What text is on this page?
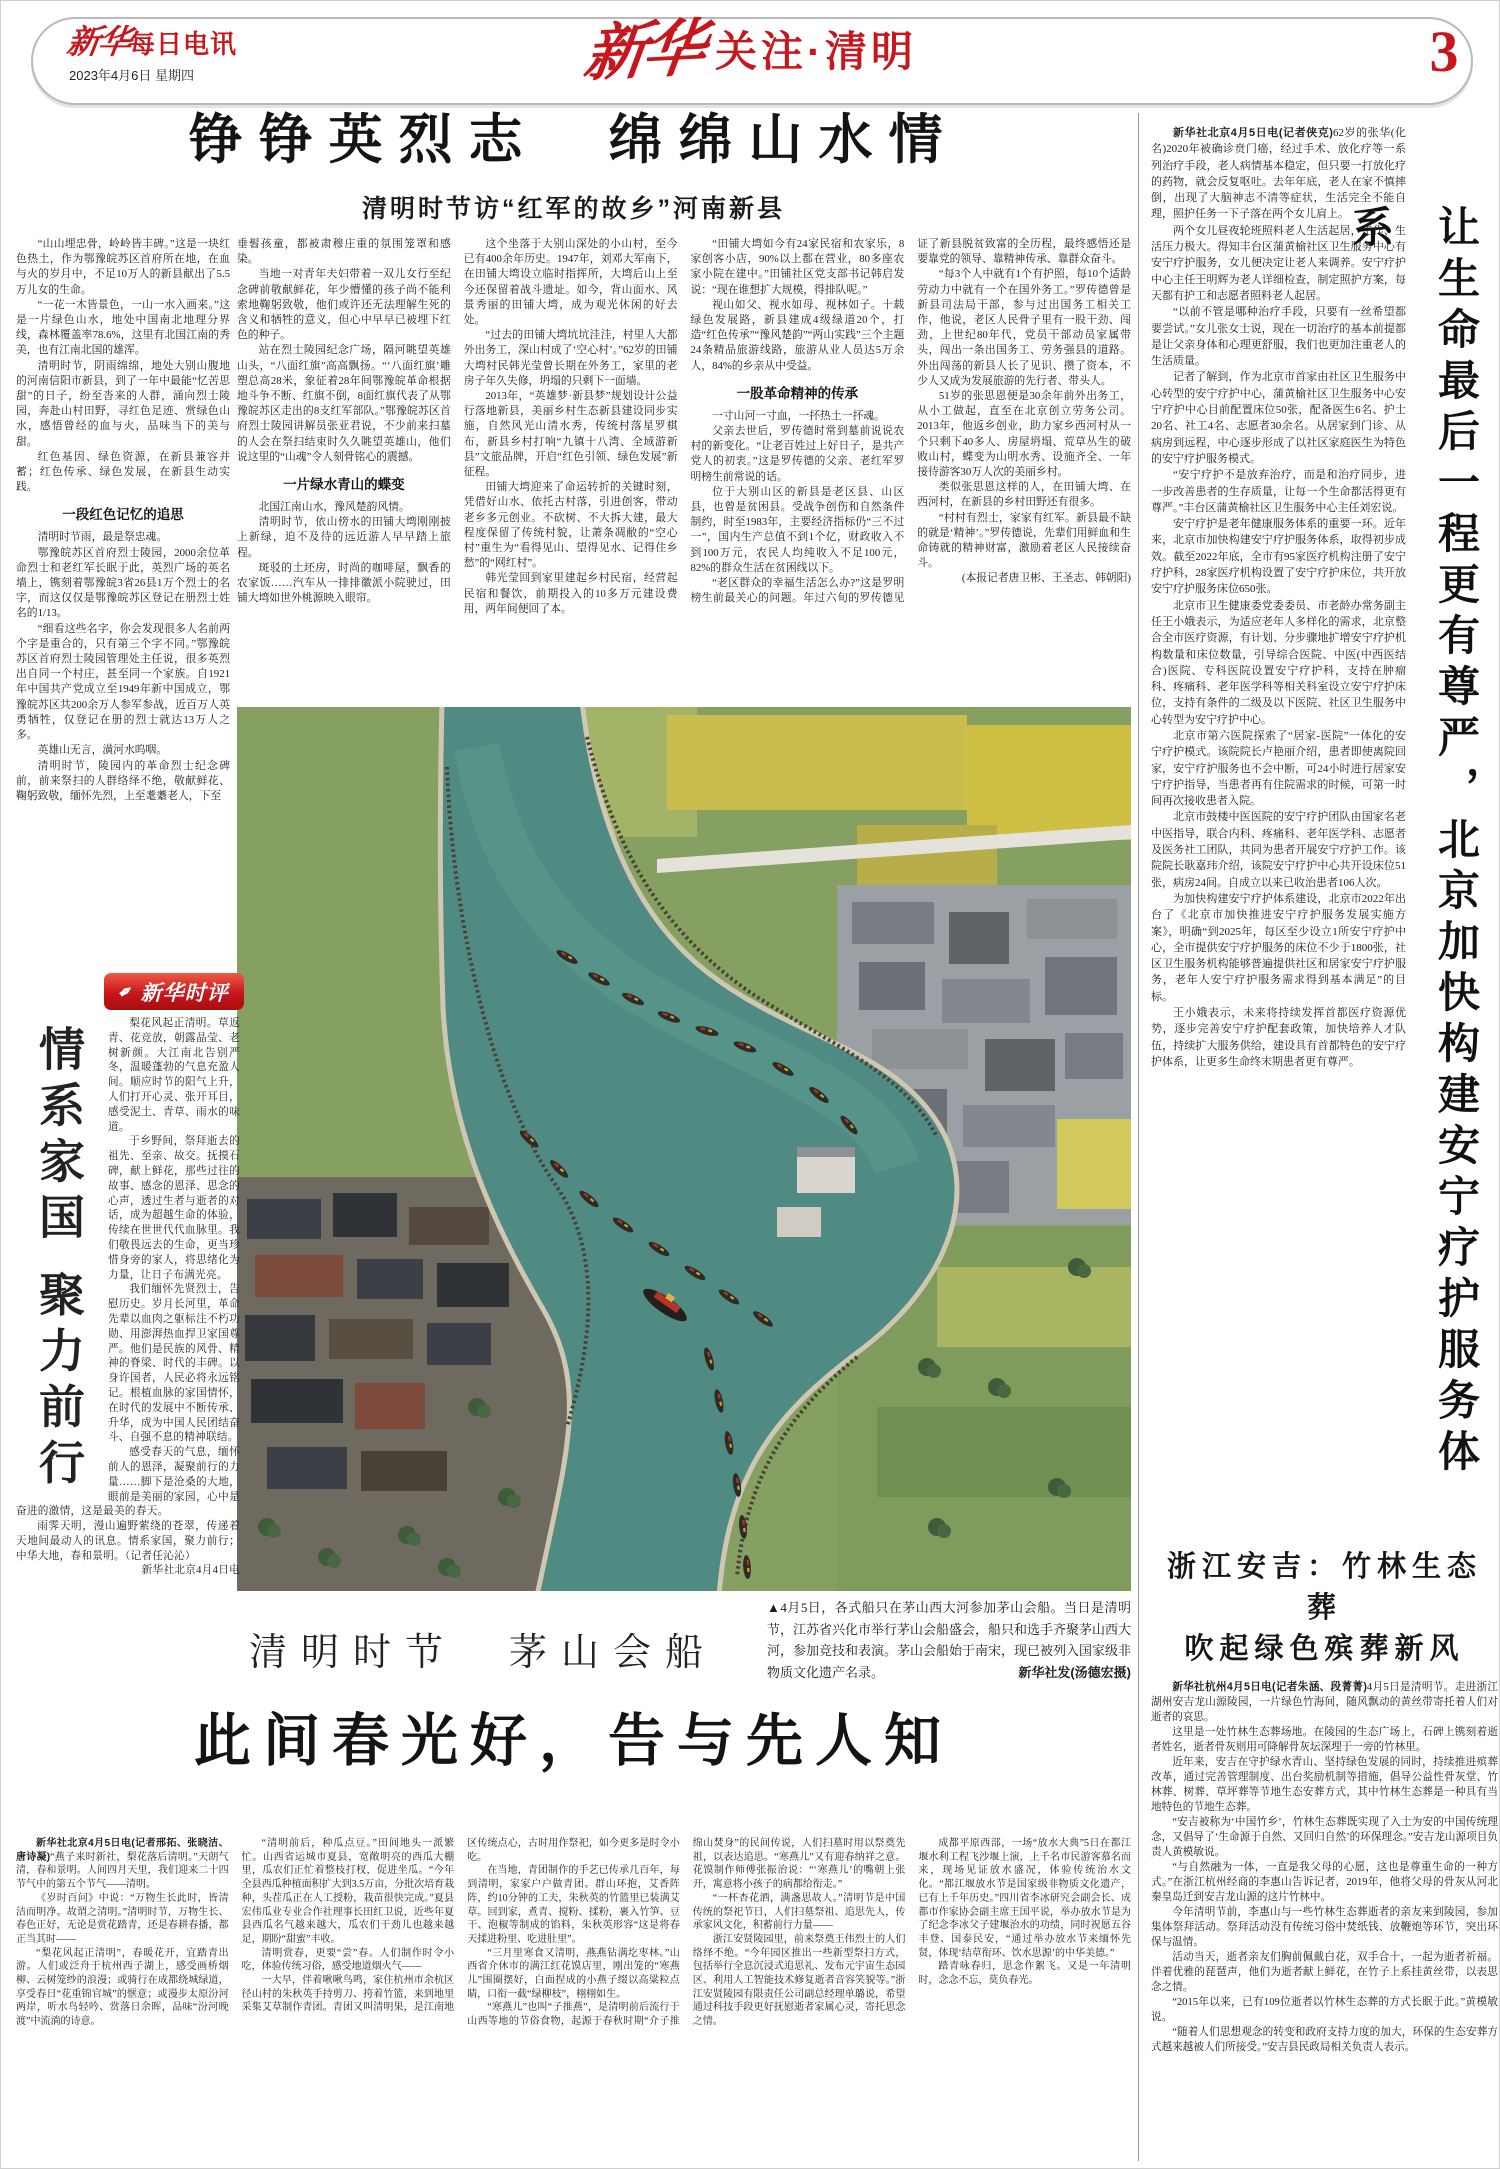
新华每日电讯
2023年4月6日 星期四	新华 关注·清明	3
铮铮英烈志　绵绵山水情
清明时节访“红军的故乡”河南新县

“山山埋忠骨，岭岭皆丰碑。”这是一块红色热土，作为鄂豫皖苏区首府所在地，在血与火的岁月中，不足10万人的新县献出了5.5万儿女的生命。

“一花一木皆景色，一山一水入画来。”这是一片绿色山水，地处中国南北地理分界线，森林覆盖率78.6%，这里有北国江南的秀美，也有江南北国的雄浑。

清明时节，阴雨绵绵，地处大别山腹地的河南信阳市新县，到了一年中最能“忆苦思甜”的日子，纷至沓来的人群，涌向烈士陵园，奔赴山村田野，寻红色足迹、赏绿色山水，感悟曾经的血与火，品味当下的美与甜。

红色基因、绿色资源，在新县兼容并蓄；红色传承、绿色发展，在新县生动实践。

一段红色记忆的追思

清明时节雨，最是祭忠魂。

鄂豫皖苏区首府烈士陵园，2000余位革命烈士和老红军长眠于此，英烈广场的英名墙上，镌刻着鄂豫皖3省26县1万个烈士的名字，而这仅仅是鄂豫皖苏区登记在册烈士姓名的1/13。

“细看这些名字，你会发现很多人名前两个字是重合的，只有第三个字不同。”鄂豫皖苏区首府烈士陵园管理处主任说，很多英烈出自同一个村庄，甚至同一个家族。自1921年中国共产党成立至1949年新中国成立，鄂豫皖苏区共200余万人参军参战，近百万人英勇牺牲，仅登记在册的烈士就达13万人之多。

英雄山无言，潢河水呜咽。

清明时节，陵园内的革命烈士纪念碑前，前来祭扫的人群络绎不绝，敬献鲜花、鞠躬致敬，缅怀先烈，上至耄耋老人，下至

垂髫孩童，都被肃穆庄重的氛围笼罩和感染。

当地一对青年夫妇带着一双儿女行至纪念碑前敬献鲜花，年少懵懂的孩子尚不能利索地鞠躬致敬，他们或许还无法理解生死的含义和牺牲的意义，但心中早早已被埋下红色的种子。

站在烈士陵园纪念广场，隔河眺望英雄山头，“八面红旗”高高飘扬。“‘八面红旗’雕塑总高28米，象征着28年间鄂豫皖革命根据地斗争不断、红旗不倒，8面红旗代表了从鄂豫皖苏区走出的8支红军部队。”鄂豫皖苏区首府烈士陵园讲解员张亚君说，不少前来扫墓的人会在祭扫结束时久久眺望英雄山，他们说这里的“山魂”令人刻骨铭心的震撼。

一片绿水青山的蝶变

北国江南山水，豫风楚韵风情。

清明时节，依山傍水的田铺大塆刚刚披上新绿，迫不及待的远近游人早早踏上旅程。

斑驳的土坯房，时尚的咖啡屋，飘香的农家饭……汽车从一排排徽派小院驶过，田铺大塆如世外桃源映入眼帘。

这个坐落于大别山深处的小山村，至今已有400余年历史。1947年，刘邓大军南下，在田铺大塆设立临时指挥所，大塆后山上至今还保留着战斗遗址。如今，背山面水、风景秀丽的田铺大塆，成为观光休闲的好去处。

“过去的田铺大塆坑坑洼洼，村里人大都外出务工，深山村成了‘空心村’。”62岁的田铺大塆村民韩光莹曾长期在外务工，家里的老房子年久失修，坍塌的只剩下一面墙。

2013年，“英雄梦·新县梦”规划设计公益行落地新县，美丽乡村生态新县建设同步实施，自然风光山清水秀，传统村落星罗棋布，新县乡村打响“九镇十八湾、全域游新县”文旅品牌，开启“红色引领、绿色发展”新征程。

田铺大塆迎来了命运转折的关键时刻，凭借好山水、依托古村落，引进创客，带动老乡多元创业。不砍树、不大拆大建，最大程度保留了传统村貌，让萧条凋敝的“空心村”重生为“看得见山、望得见水、记得住乡愁”的“网红村”。

韩光莹回到家里建起乡村民宿，经营起民宿和餐饮，前期投入的10多万元建设费用，两年间便回了本。

“田铺大塆如今有24家民宿和农家乐，8家创客小店，90%以上都在营业，80多座农家小院在建中。”田铺社区党支部书记韩启发说：“现在谁想扩大规模，得排队呢。”

视山如父、视水如母、视林如子。十载绿色发展路，新县建成4级绿道20个，打造“红色传承”“豫风楚韵”“两山实践”三个主题24条精品旅游线路，旅游从业人员达5万余人，84%的乡亲从中受益。

一股革命精神的传承

一寸山河一寸血，一抔热土一抔魂。

父亲去世后，罗传德时常到墓前说说农村的新变化。“让老百姓过上好日子，是共产党人的初衷。”这是罗传德的父亲、老红军罗明榜生前常说的话。

位于大别山区的新县是老区县、山区县，也曾是贫困县。受战争创伤和自然条件制约，时至1983年，主要经济指标仍“三不过一”，国内生产总值不到1个亿，财政收入不到100万元，农民人均纯收入不足100元，82%的群众生活在贫困线以下。

“老区群众的幸福生活怎么办?”这是罗明榜生前最关心的问题。年过六旬的罗传德见证了新县脱贫致富的全历程，最终感悟还是要靠党的领导、靠精神传承、靠群众奋斗。

“每3个人中就有1个有护照，每10个适龄劳动力中就有一个在国外务工。”罗传德曾是新县司法局干部，参与过出国务工相关工作，他说，老区人民骨子里有一股干劲、闯劲，上世纪80年代，党员干部动员家属带头，闯出一条出国务工、劳务强县的道路。外出闯荡的新县人长了见识、攒了资本，不少人又成为发展旅游的先行者、带头人。

51岁的张思恩便是30余年前外出务工，从小工做起，直至在北京创立劳务公司。2013年，他返乡创业，助力家乡西河村从一个只剩下40多人、房屋坍塌、荒草丛生的破败山村，蝶变为山明水秀、设施齐全、一年接待游客30万人次的美丽乡村。

类似张思恩这样的人，在田铺大塆、在西河村，在新县的乡村田野还有很多。

“村村有烈士，家家有红军。新县最不缺的就是‘精神’。”罗传德说，先辈们用鲜血和生命铸就的精神财富，激励着老区人民接续奋斗。

(本报记者唐卫彬、王圣志、韩朝阳)

清明时节　茅山会船
▲4月5日，各式船只在茅山西大河参加茅山会船。当日是清明节，江苏省兴化市举行茅山会船盛会，船只和选手齐聚茅山西大河，参加竞技和表演。茅山会船始于南宋，现已被列入国家级非物质文化遗产名录。	新华社发(汤德宏摄)
✒ 新华时评
情系家国 聚力前行

梨花风起正清明。草返青、花竞放，朝露晶莹、老树新颜。大江南北告别严冬，温暖蓬勃的气息充盈人间。顺应时节的阳气上升，人们打开心灵、张开耳目，感受泥土、青草、雨水的味道。

于乡野间，祭拜逝去的祖先、至亲、故交。抚摸石碑，献上鲜花，那些过往的故事、感念的恩泽、思念的心声，透过生者与逝者的对话，成为超越生命的体验，传续在世世代代血脉里。我们敬畏远去的生命，更当珍惜身旁的家人，将思绪化为力量，让日子布满光亮。

我们缅怀先贤烈士，告慰历史。岁月长河里，革命先辈以血肉之躯标注不朽功勋、用澎湃热血捍卫家国尊严。他们是民族的风骨、精神的脊梁、时代的丰碑。以身许国者，人民必将永远铭记。根植血脉的家国情怀，在时代的发展中不断传承、升华，成为中国人民团结奋斗、自强不息的精神联结。

感受春天的气息，缅怀前人的恩泽，凝聚前行的力量……脚下是沧桑的大地，眼前是美丽的家园，心中是奋进的激情，这是最美的春天。

雨霁天明，漫山遍野萦绕的苍翠，传递着天地间最动人的讯息。情系家国，聚力前行；中华大地，春和景明。（记者任沁沁）

新华社北京4月4日电

此间春光好，告与先人知

新华社北京4月5日电(记者邢拓、张晓洁、唐诗凝)“燕子来时新社，梨花落后清明。”天朗气清，春和景明。人间四月天里，我们迎来二十四节气中的第五个节气——清明。

《岁时百问》中说：“万物生长此时，皆清洁而明净。故谓之清明。”清明时节，万物生长、春色正好，无论是赏花踏青，还是春耕春播，都正当其时——

“梨花风起正清明”，春暖花开，宜踏青出游。人们或泛舟于杭州西子湖上，感受画桥烟柳、云树笼纱的浪漫；或骑行在成都绕城绿道，享受春日“花重锦官城”的惬意；或漫步太原汾河两岸，听水鸟轻吟、赏落日余晖，品味“汾河晚渡”中流淌的诗意。

“清明前后，种瓜点豆。”田间地头一派繁忙。山西省运城市夏县，宽敞明亮的西瓜大棚里，瓜农们正忙着整枝打杈，促进坐瓜。“今年全县西瓜种植面积扩大到3.5万亩，分批次培育栽种，头茬瓜正在人工授粉，栽苗很快完成。”夏县宏伟瓜业专业合作社理事长田红卫说，近些年夏县西瓜名气越来越大，瓜农们干劲儿也越来越足，期盼“甜蜜”丰收。

清明赏春，更要“尝”春。人们制作时令小吃，体验传统习俗，感受地道烟火气——

一大早，伴着啾啾鸟鸣，家住杭州市余杭区径山村的朱秋英手持剪刀、挎着竹篮，来到地里采集艾草制作青团。青团又叫清明果，是江南地区传统点心，古时用作祭祀，如今更多是时令小吃。

在当地，青团制作的手艺已传承几百年，每到清明，家家户户做青团。群山环抱，艾香阵阵，约10分钟的工夫，朱秋英的竹篮里已装满艾草。回到家，煮青、搅粉、揉粉，裹入竹笋、豆干、泡椒等制成的馅料，朱秋英形容“这是将春天揉进粉里、吃进肚里”。

“三月里寒食又清明，燕燕钻满圪枣林。”山西省介休市的满江红花馍店里，刚出笼的“寒燕儿”围圈摆好，白面捏成的小燕子缀以高粱粒点睛，口衔一截“绿柳枝”，栩栩如生。

“寒燕儿”也叫“子推燕”，是清明前后流行于山西等地的节俗食物，起源于春秋时期“介子推绵山焚身”的民间传说，人们扫墓时用以祭奠先祖，以表达追思。“寒燕儿”又有迎春纳祥之意。花馍制作师傅张振治说：“‘寒燕儿’的嘴朝上张开，寓意将小孩子的病都给衔走。”

“一杯杏花酒，满盏思故人。”清明节是中国传统的祭祀节日，人们扫墓祭祖、追思先人，传承家风文化，积蓄前行力量——

浙江安贤陵园里，前来祭奠王伟烈士的人们络绎不绝。“今年园区推出一些新型祭扫方式，包括举行全息沉浸式追思礼、发布元宇宙生态园区、利用人工智能技术修复逝者音容笑貌等。”浙江安贤陵园有限责任公司副总经理单璐说，希望通过科技手段更好抚慰逝者家属心灵，寄托思念之情。

成都平原西部，一场“放水大典”5日在都江堰水利工程飞沙堰上演，上千名市民游客慕名而来，现场见证放水盛况，体验传统治水文化。“都江堰放水节是国家级非物质文化遗产，已有上千年历史。”四川省李冰研究会副会长、成都市作家协会副主席王国平说，举办放水节是为了纪念李冰父子建堰治水的功绩，同时祝愿五谷丰登、国泰民安，“通过举办放水节来缅怀先贤，体现‘结草衔环、饮水思源’的中华美德。”

踏青咏春归，思念作絮飞。又是一年清明时，念念不忘，莫负春光。

让生命最后一程更有尊严，北京加快构建安宁疗护服务体系

新华社北京4月5日电(记者侠克)62岁的张华(化名)2020年被确诊贲门癌，经过手术、放化疗等一系列治疗手段，老人病情基本稳定，但只要一打放化疗的药物，就会反复呕吐。去年年底，老人在家不慎摔倒，出现了大脑神志不清等症状，生活完全不能自理，照护任务一下子落在两个女儿肩上。

两个女儿昼夜轮班照料老人生活起居，工作、生活压力极大。得知丰台区蒲黄榆社区卫生服务中心有安宁疗护服务，女儿便决定让老人来调养。安宁疗护中心主任王明辉为老人详细检查，制定照护方案，每天都有护工和志愿者照料老人起居。

“以前不管是哪种治疗手段，只要有一丝希望都要尝试。”女儿张女士说，现在一切治疗的基本前提都是让父亲身体和心理更舒服，我们也更加注重老人的生活质量。

记者了解到，作为北京市首家由社区卫生服务中心转型的安宁疗护中心，蒲黄榆社区卫生服务中心安宁疗护中心目前配置床位50张，配备医生6名、护士20名、社工4名、志愿者30余名。从居家到门诊、从病房到远程，中心逐步形成了以社区家庭医生为特色的安宁疗护服务模式。

“安宁疗护不是放弃治疗，而是和治疗同步，进一步改善患者的生存质量，让每一个生命都活得更有尊严。”丰台区蒲黄榆社区卫生服务中心主任刘宏说。

安宁疗护是老年健康服务体系的重要一环。近年来，北京市加快构建安宁疗护服务体系，取得初步成效。截至2022年底，全市有95家医疗机构注册了安宁疗护科，28家医疗机构设置了安宁疗护床位，共开放安宁疗护服务床位650张。

北京市卫生健康委党委委员、市老龄办常务副主任王小娥表示，为适应老年人多样化的需求，北京整合全市医疗资源，有计划、分步骤地扩增安宁疗护机构数量和床位数量，引导综合医院、中医(中西医结合)医院、专科医院设置安宁疗护科，支持在肿瘤科、疼痛科、老年医学科等相关科室设立安宁疗护床位，支持有条件的二级及以下医院、社区卫生服务中心转型为安宁疗护中心。

北京市第六医院探索了“居家-医院”一体化的安宁疗护模式。该院院长卢艳丽介绍，患者即使离院回家，安宁疗护服务也不会中断，可24小时进行居家安宁疗护指导，当患者再有住院需求的时候，可第一时间再次接收患者入院。

北京市鼓楼中医医院的安宁疗护团队由国家名老中医指导，联合内科、疼痛科、老年医学科、志愿者及医务社工团队，共同为患者开展安宁疗护工作。该院院长耿嘉玮介绍，该院安宁疗护中心共开设床位51张，病房24间。自成立以来已收治患者106人次。

为加快构建安宁疗护体系建设，北京市2022年出台了《北京市加快推进安宁疗护服务发展实施方案》，明确“到2025年，每区至少设立1所安宁疗护中心，全市提供安宁疗护服务的床位不少于1800张，社区卫生服务机构能够普遍提供社区和居家安宁疗护服务，老年人安宁疗护服务需求得到基本满足”的目标。

王小娥表示，未来将持续发挥首都医疗资源优势，逐步完善安宁疗护配套政策，加快培养人才队伍，持续扩大服务供给，建设具有首都特色的安宁疗护体系，让更多生命终末期患者更有尊严。

浙江安吉：竹林生态葬
吹起绿色殡葬新风

新华社杭州4月5日电(记者朱涵、段菁菁)4月5日是清明节。走进浙江湖州安吉龙山源陵园，一片绿色竹海间，随风飘动的黄丝带寄托着人们对逝者的哀思。

这里是一处竹林生态葬场地。在陵园的生态广场上，石碑上镌刻着逝者姓名，逝者骨灰则用可降解骨灰坛深埋于一旁的竹林里。

近年来，安吉在守护绿水青山、坚持绿色发展的同时，持续推进殡葬改革，通过完善管理制度、出台奖励机制等措施，倡导公益性骨灰堂、竹林葬、树葬、草坪葬等节地生态安葬方式，其中竹林生态葬是一种具有当地特色的节地生态葬。

“安吉被称为‘中国竹乡’，竹林生态葬既实现了入土为安的中国传统理念，又倡导了‘生命源于自然、又回归自然’的环保理念。”安吉龙山源项目负责人黄模敏说。

“与自然融为一体，一直是我父母的心愿，这也是尊重生命的一种方式。”在浙江杭州经商的李惠山告诉记者，2019年，他将父母的骨灰从河北秦皇岛迁到安吉龙山源的这片竹林中。

今年清明节前，李惠山与一些竹林生态葬逝者的亲友来到陵园，参加集体祭拜活动。祭拜活动没有传统习俗中焚纸钱、放鞭炮等环节，突出环保与温情。

活动当天，逝者亲友们胸前佩戴白花，双手合十，一起为逝者祈福。伴着优雅的琵琶声，他们为逝者献上鲜花，在竹子上系挂黄丝带，以表思念之情。

“2015年以来，已有109位逝者以竹林生态葬的方式长眠于此。”黄模敏说。

“随着人们思想观念的转变和政府支持力度的加大，环保的生态安葬方式越来越被人们所接受。”安吉县民政局相关负责人表示。
